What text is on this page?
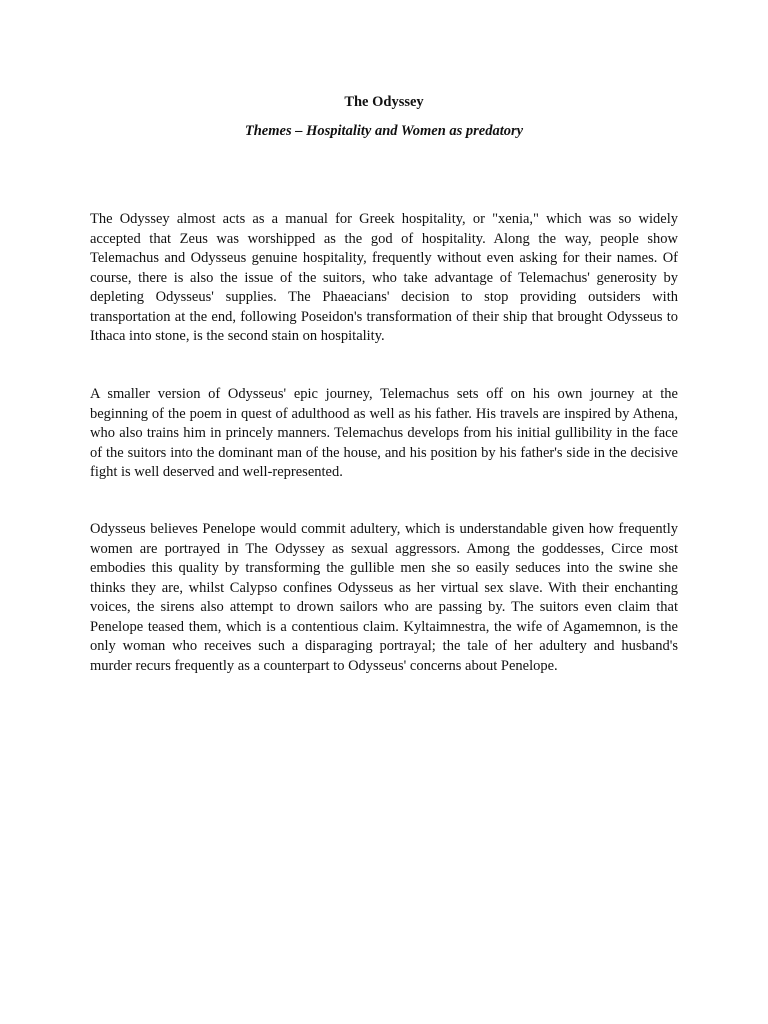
The Odyssey
Themes – Hospitality and Women as predatory

The Odyssey almost acts as a manual for Greek hospitality, or "xenia," which was so widely accepted that Zeus was worshipped as the god of hospitality. Along the way, people show Telemachus and Odysseus genuine hospitality, frequently without even asking for their names. Of course, there is also the issue of the suitors, who take advantage of Telemachus' generosity by depleting Odysseus' supplies. The Phaeacians' decision to stop providing outsiders with transportation at the end, following Poseidon's transformation of their ship that brought Odysseus to Ithaca into stone, is the second stain on hospitality.

A smaller version of Odysseus' epic journey, Telemachus sets off on his own journey at the beginning of the poem in quest of adulthood as well as his father. His travels are inspired by Athena, who also trains him in princely manners. Telemachus develops from his initial gullibility in the face of the suitors into the dominant man of the house, and his position by his father's side in the decisive fight is well deserved and well-represented.

Odysseus believes Penelope would commit adultery, which is understandable given how frequently women are portrayed in The Odyssey as sexual aggressors. Among the goddesses, Circe most embodies this quality by transforming the gullible men she so easily seduces into the swine she thinks they are, whilst Calypso confines Odysseus as her virtual sex slave. With their enchanting voices, the sirens also attempt to drown sailors who are passing by. The suitors even claim that Penelope teased them, which is a contentious claim. Kyltaimnestra, the wife of Agamemnon, is the only woman who receives such a disparaging portrayal; the tale of her adultery and husband's murder recurs frequently as a counterpart to Odysseus' concerns about Penelope.
